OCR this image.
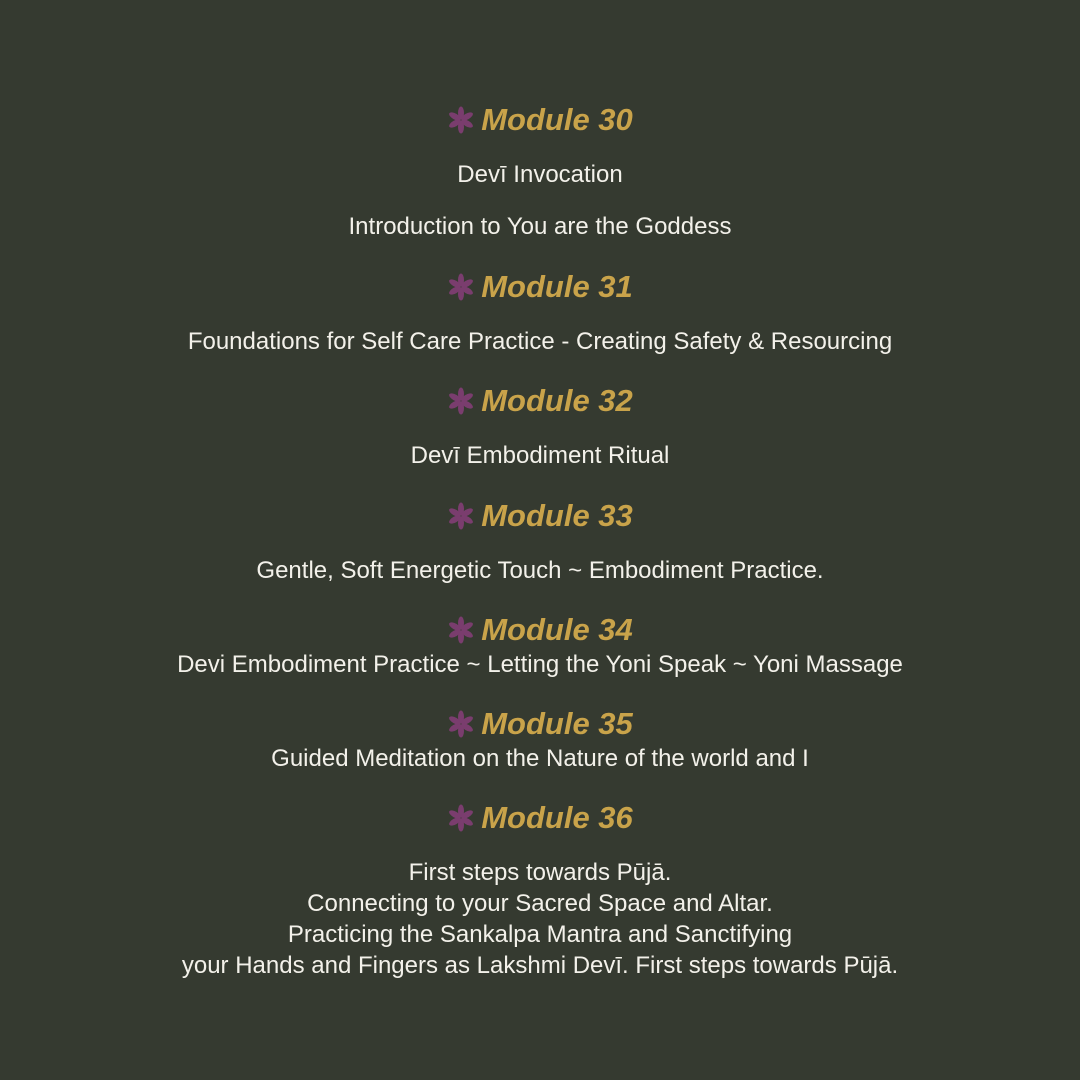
Module 30
Devī Invocation
Introduction to You are the Goddess
Module 31
Foundations for Self Care Practice - Creating Safety & Resourcing
Module 32
Devī Embodiment Ritual
Module 33
Gentle, Soft Energetic Touch ~ Embodiment Practice.
Module 34
Devi Embodiment Practice ~ Letting the Yoni Speak ~ Yoni Massage
Module 35
Guided Meditation on the Nature of the world and I
Module 36
First steps towards Pūjā.
Connecting to your Sacred Space and Altar.
Practicing the Sankalpa Mantra and Sanctifying
your Hands and Fingers as Lakshmi Devī. First steps towards Pūjā.
